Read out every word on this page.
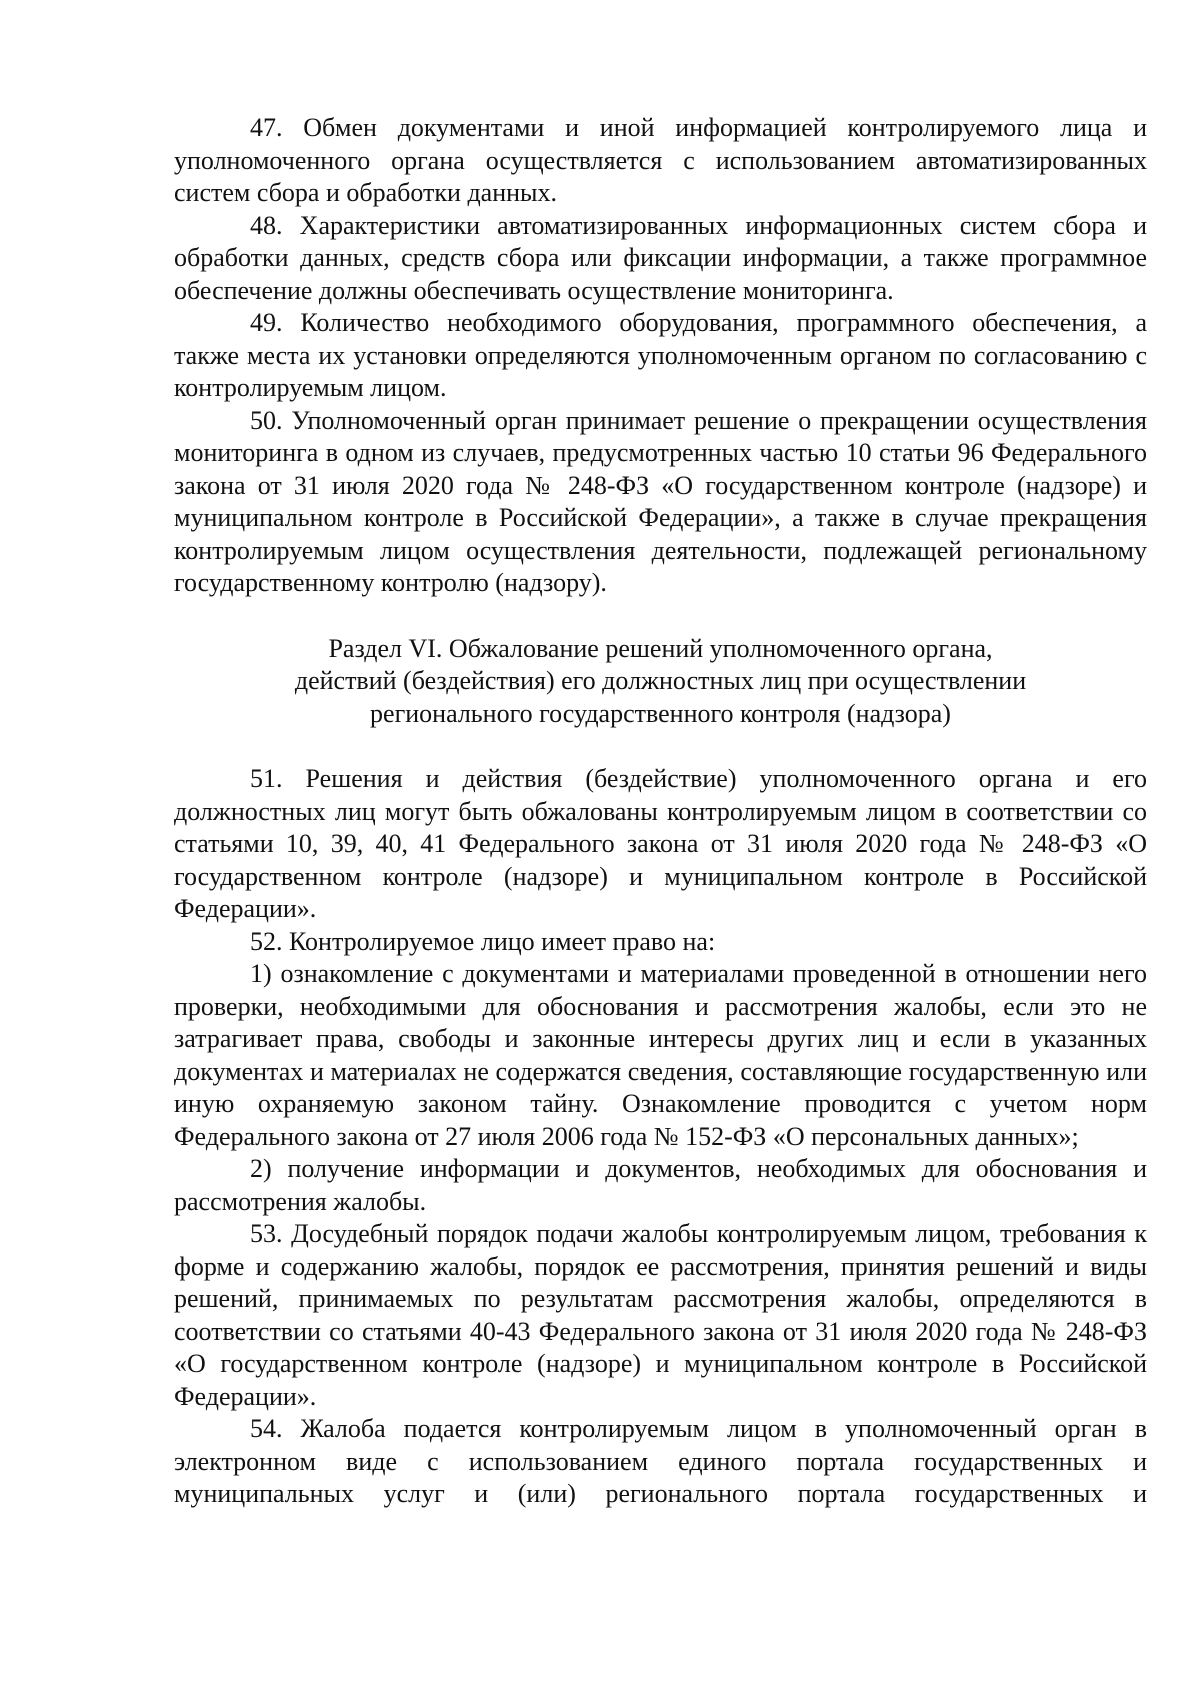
47. Обмен документами и иной информацией контролируемого лица и уполномоченного органа осуществляется с использованием автоматизированных систем сбора и обработки данных.

48. Характеристики автоматизированных информационных систем сбора и обработки данных, средств сбора или фиксации информации, а также программное обеспечение должны обеспечивать осуществление мониторинга.

49. Количество необходимого оборудования, программного обеспечения, а также места их установки определяются уполномоченным органом по согласованию с контролируемым лицом.

50. Уполномоченный орган принимает решение о прекращении осуществления мониторинга в одном из случаев, предусмотренных частью 10 статьи 96 Федерального закона от 31 июля 2020 года № 248-ФЗ «О государственном контроле (надзоре) и муниципальном контроле в Российской Федерации», а также в случае прекращения контролируемым лицом осуществления деятельности, подлежащей региональному государственному контролю (надзору).

Раздел VI. Обжалование решений уполномоченного органа,
действий (бездействия) его должностных лиц при осуществлении
регионального государственного контроля (надзора)

51. Решения и действия (бездействие) уполномоченного органа и его должностных лиц могут быть обжалованы контролируемым лицом в соответствии со статьями 10, 39, 40, 41 Федерального закона от 31 июля 2020 года № 248-ФЗ «О государственном контроле (надзоре) и муниципальном контроле в Российской Федерации».

52. Контролируемое лицо имеет право на:

1) ознакомление с документами и материалами проведенной в отношении него проверки, необходимыми для обоснования и рассмотрения жалобы, если это не затрагивает права, свободы и законные интересы других лиц и если в указанных документах и материалах не содержатся сведения, составляющие государственную или иную охраняемую законом тайну. Ознакомление проводится с учетом норм Федерального закона от 27 июля 2006 года № 152-ФЗ «О персональных данных»;

2) получение информации и документов, необходимых для обоснования и рассмотрения жалобы.

53. Досудебный порядок подачи жалобы контролируемым лицом, требования к форме и содержанию жалобы, порядок ее рассмотрения, принятия решений и виды решений, принимаемых по результатам рассмотрения жалобы, определяются в соответствии со статьями 40-43 Федерального закона от 31 июля 2020 года № 248-ФЗ «О государственном контроле (надзоре) и муниципальном контроле в Российской Федерации».

54. Жалоба подается контролируемым лицом в уполномоченный орган в электронном виде с использованием единого портала государственных и муниципальных услуг и (или) регионального портала государственных и
